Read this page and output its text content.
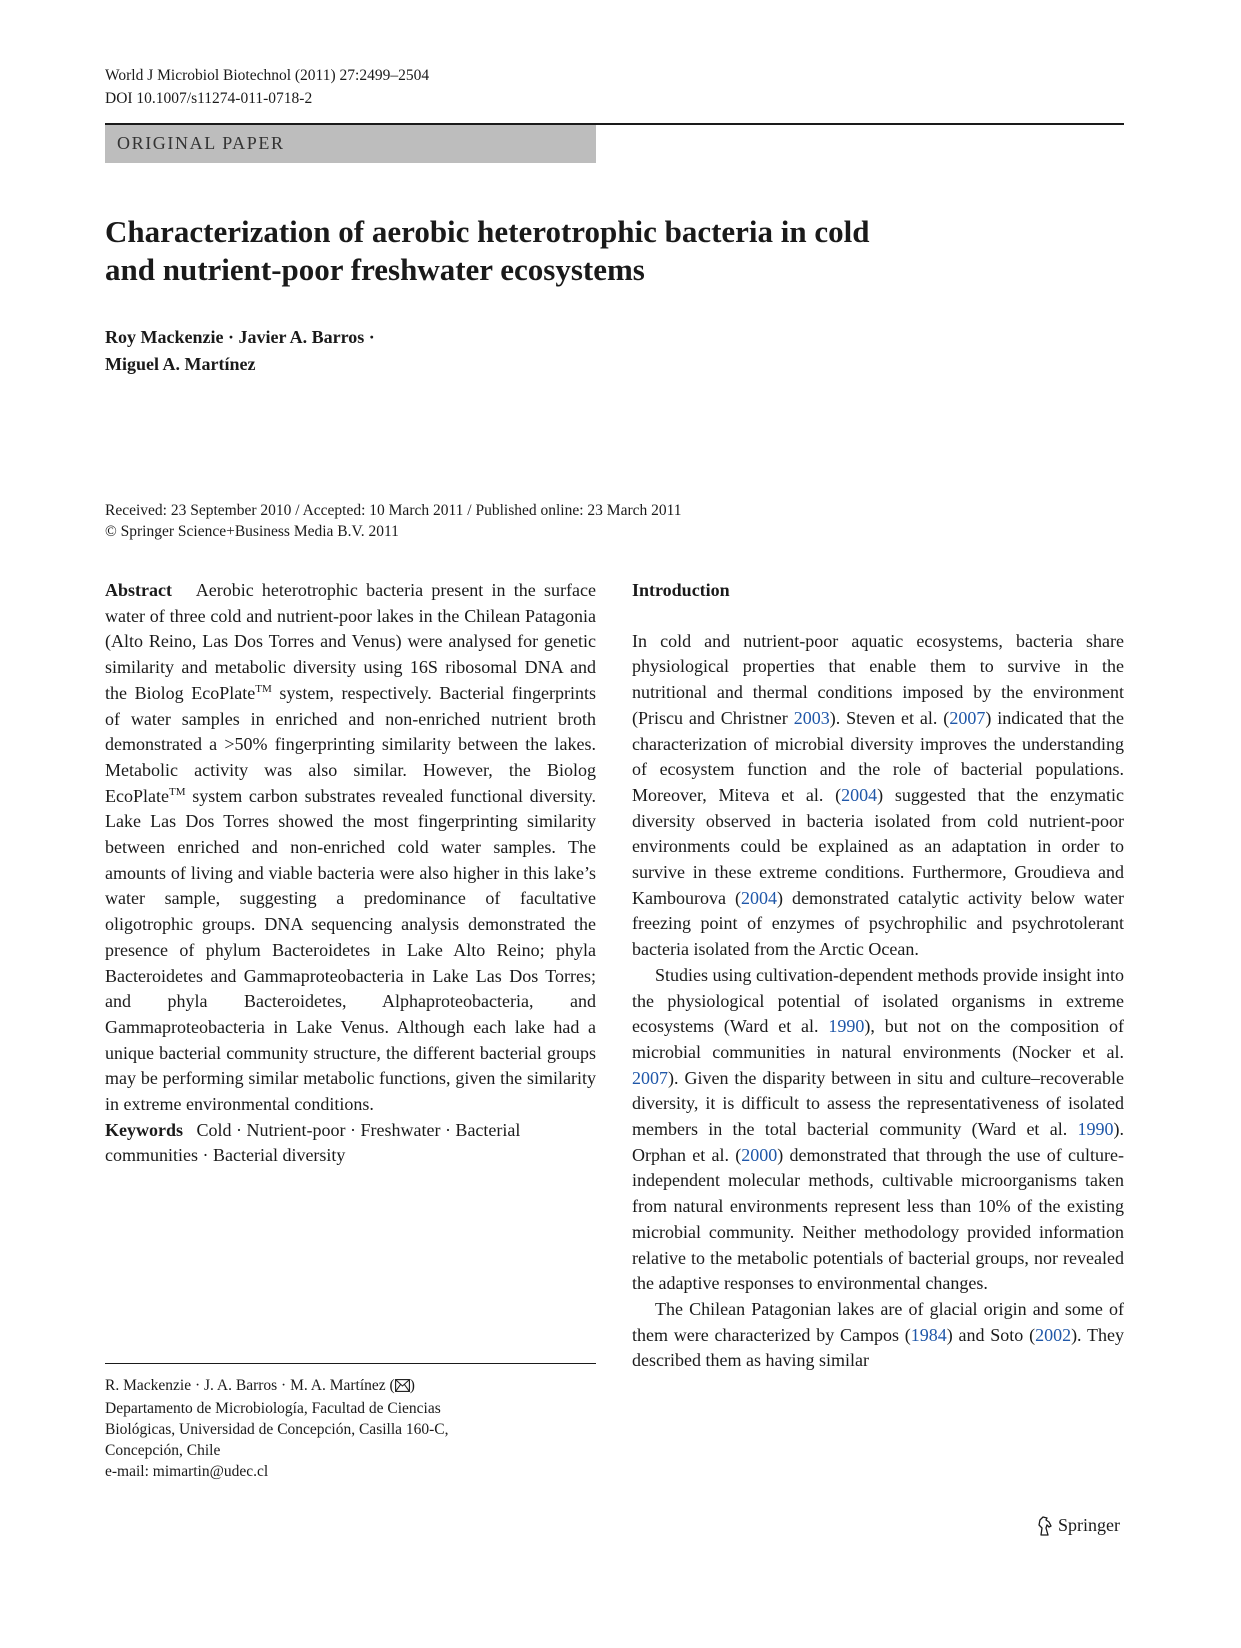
World J Microbiol Biotechnol (2011) 27:2499–2504
DOI 10.1007/s11274-011-0718-2
ORIGINAL PAPER
Characterization of aerobic heterotrophic bacteria in cold
and nutrient-poor freshwater ecosystems
Roy Mackenzie · Javier A. Barros ·
Miguel A. Martínez
Received: 23 September 2010 / Accepted: 10 March 2011 / Published online: 23 March 2011
© Springer Science+Business Media B.V. 2011

Abstract Aerobic heterotrophic bacteria present in the surface water of three cold and nutrient-poor lakes in the Chilean Patagonia (Alto Reino, Las Dos Torres and Venus) were analysed for genetic similarity and metabolic diversity using 16S ribosomal DNA and the Biolog EcoPlate™ system, respectively. Bacterial fingerprints of water samples in enriched and non-enriched nutrient broth demonstrated a >50% fingerprinting similarity between the lakes. Metabolic activity was also similar. However, the Biolog EcoPlate™ system carbon substrates revealed functional diversity. Lake Las Dos Torres showed the most fingerprinting similarity between enriched and non-enriched cold water samples. The amounts of living and viable bacteria were also higher in this lake’s water sample, suggesting a predominance of facultative oligotrophic groups. DNA sequencing analysis demonstrated the presence of phylum Bacteroidetes in Lake Alto Reino; phyla Bacteroidetes and Gammaproteobacteria in Lake Las Dos Torres; and phyla Bacteroidetes, Alphaproteobacteria, and Gammaproteobacteria in Lake Venus. Although each lake had a unique bacterial community structure, the different bacterial groups may be performing similar metabolic functions, given the similarity in extreme environmental conditions.

Keywords Cold · Nutrient-poor · Freshwater · Bacterial communities · Bacterial diversity

R. Mackenzie · J. A. Barros · M. A. Martínez ( )
Departamento de Microbiología, Facultad de Ciencias
Biológicas, Universidad de Concepción, Casilla 160-C,
Concepción, Chile
e-mail: mimartin@udec.cl
Introduction

In cold and nutrient-poor aquatic ecosystems, bacteria share physiological properties that enable them to survive in the nutritional and thermal conditions imposed by the environment (Priscu and Christner 2003). Steven et al. (2007) indicated that the characterization of microbial diversity improves the understanding of ecosystem function and the role of bacterial populations. Moreover, Miteva et al. (2004) suggested that the enzymatic diversity observed in bacteria isolated from cold nutrient-poor environments could be explained as an adaptation in order to survive in these extreme conditions. Furthermore, Groudieva and Kambourova (2004) demonstrated catalytic activity below water freezing point of enzymes of psychrophilic and psychrotolerant bacteria isolated from the Arctic Ocean.

Studies using cultivation-dependent methods provide insight into the physiological potential of isolated organisms in extreme ecosystems (Ward et al. 1990), but not on the composition of microbial communities in natural environments (Nocker et al. 2007). Given the disparity between in situ and culture–recoverable diversity, it is difficult to assess the representativeness of isolated members in the total bacterial community (Ward et al. 1990). Orphan et al. (2000) demonstrated that through the use of culture-independent molecular methods, cultivable microorganisms taken from natural environments represent less than 10% of the existing microbial community. Neither methodology provided information relative to the metabolic potentials of bacterial groups, nor revealed the adaptive responses to environmental changes.

The Chilean Patagonian lakes are of glacial origin and some of them were characterized by Campos (1984) and Soto (2002). They described them as having similar

Springer
